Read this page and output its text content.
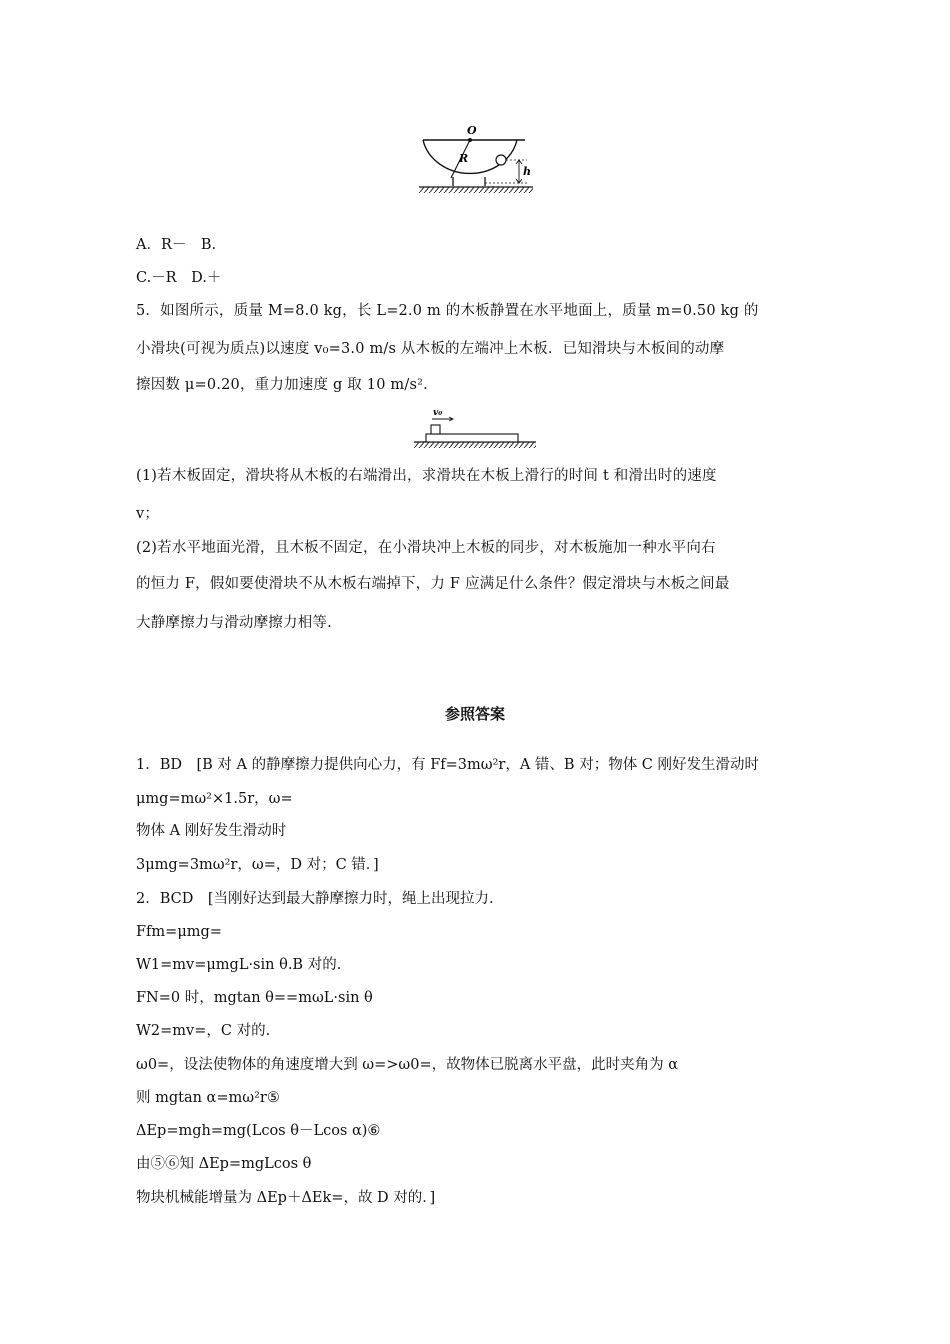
O
R
h
A．R－　B.
C.－R　D.＋
5．如图所示，质量 M=8.0 kg，长 L=2.0 m 的木板静置在水平地面上，质量 m=0.50 kg 的
小滑块(可视为质点)以速度 v₀=3.0 m/s 从木板的左端冲上木板．已知滑块与木板间的动摩
擦因数 μ=0.20，重力加速度 g 取 10 m/s².
v₀
(1)若木板固定，滑块将从木板的右端滑出，求滑块在木板上滑行的时间 t 和滑出时的速度
v；
(2)若水平地面光滑，且木板不固定，在小滑块冲上木板的同步，对木板施加一种水平向右
的恒力 F，假如要使滑块不从木板右端掉下，力 F 应满足什么条件？假定滑块与木板之间最
大静摩擦力与滑动摩擦力相等.
参照答案
1．BD　[B 对 A 的静摩擦力提供向心力，有 Ff=3mω²r，A 错、B 对；物体 C 刚好发生滑动时
μmg=mω²×1.5r，ω=
物体 A 刚好发生滑动时
3μmg=3mω²r，ω=，D 对；C 错．]
2．BCD　[当刚好达到最大静摩擦力时，绳上出现拉力.
Ffm=μmg=
W1=mv=μmgL·sin θ.B 对的.
FN=0 时，mgtan θ==mωL·sin θ
W2=mv=，C 对的.
ω0=，设法使物体的角速度增大到 ω=>ω0=，故物体已脱离水平盘，此时夹角为 α
则 mgtan α=mω²r⑤
ΔEp=mgh=mg(Lcos θ－Lcos α)⑥
由⑤⑥知 ΔEp=mgLcos θ
物块机械能增量为 ΔEp＋ΔEk=，故 D 对的．]
